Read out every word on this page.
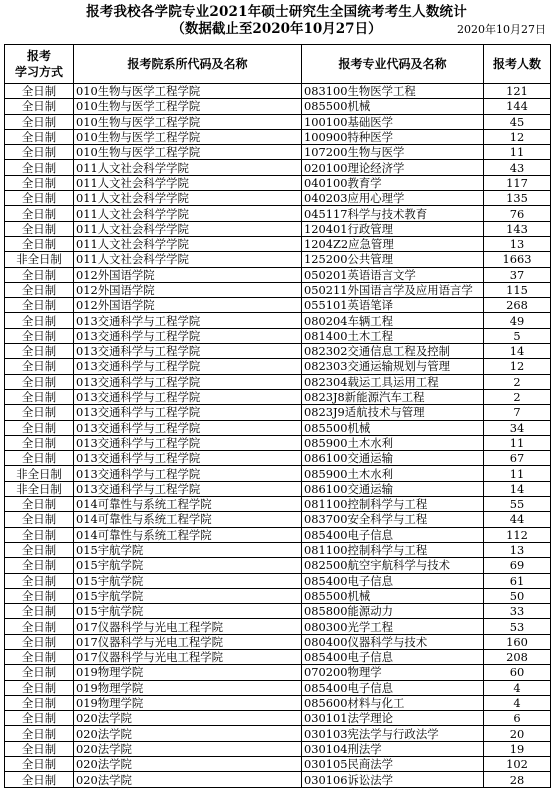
报考我校各学院专业2021年硕士研究生全国统考考生人数统计
（数据截止至2020年10月27日）	2020年10月27日
报考
学习方式	报考院系所代码及名称	报考专业代码及名称	报考人数
全日制	010生物与医学工程学院	083100生物医学工程	121
全日制	010生物与医学工程学院	085500机械	144
全日制	010生物与医学工程学院	100100基础医学	45
全日制	010生物与医学工程学院	100900特种医学	12
全日制	010生物与医学工程学院	107200生物与医学	11
全日制	011人文社会科学学院	020100理论经济学	43
全日制	011人文社会科学学院	040100教育学	117
全日制	011人文社会科学学院	040203应用心理学	135
全日制	011人文社会科学学院	045117科学与技术教育	76
全日制	011人文社会科学学院	120401行政管理	143
全日制	011人文社会科学学院	1204Z2应急管理	13
非全日制	011人文社会科学学院	125200公共管理	1663
全日制	012外国语学院	050201英语语言文学	37
全日制	012外国语学院	050211外国语言学及应用语言学	115
全日制	012外国语学院	055101英语笔译	268
全日制	013交通科学与工程学院	080204车辆工程	49
全日制	013交通科学与工程学院	081400土木工程	5
全日制	013交通科学与工程学院	082302交通信息工程及控制	14
全日制	013交通科学与工程学院	082303交通运输规划与管理	12
全日制	013交通科学与工程学院	082304载运工具运用工程	2
全日制	013交通科学与工程学院	0823J8新能源汽车工程	2
全日制	013交通科学与工程学院	0823J9适航技术与管理	7
全日制	013交通科学与工程学院	085500机械	34
全日制	013交通科学与工程学院	085900土木水利	11
全日制	013交通科学与工程学院	086100交通运输	67
非全日制	013交通科学与工程学院	085900土木水利	11
非全日制	013交通科学与工程学院	086100交通运输	14
全日制	014可靠性与系统工程学院	081100控制科学与工程	55
全日制	014可靠性与系统工程学院	083700安全科学与工程	44
全日制	014可靠性与系统工程学院	085400电子信息	112
全日制	015宇航学院	081100控制科学与工程	13
全日制	015宇航学院	082500航空宇航科学与技术	69
全日制	015宇航学院	085400电子信息	61
全日制	015宇航学院	085500机械	50
全日制	015宇航学院	085800能源动力	33
全日制	017仪器科学与光电工程学院	080300光学工程	53
全日制	017仪器科学与光电工程学院	080400仪器科学与技术	160
全日制	017仪器科学与光电工程学院	085400电子信息	208
全日制	019物理学院	070200物理学	60
全日制	019物理学院	085400电子信息	4
全日制	019物理学院	085600材料与化工	4
全日制	020法学院	030101法学理论	6
全日制	020法学院	030103宪法学与行政法学	20
全日制	020法学院	030104刑法学	19
全日制	020法学院	030105民商法学	102
全日制	020法学院	030106诉讼法学	28
